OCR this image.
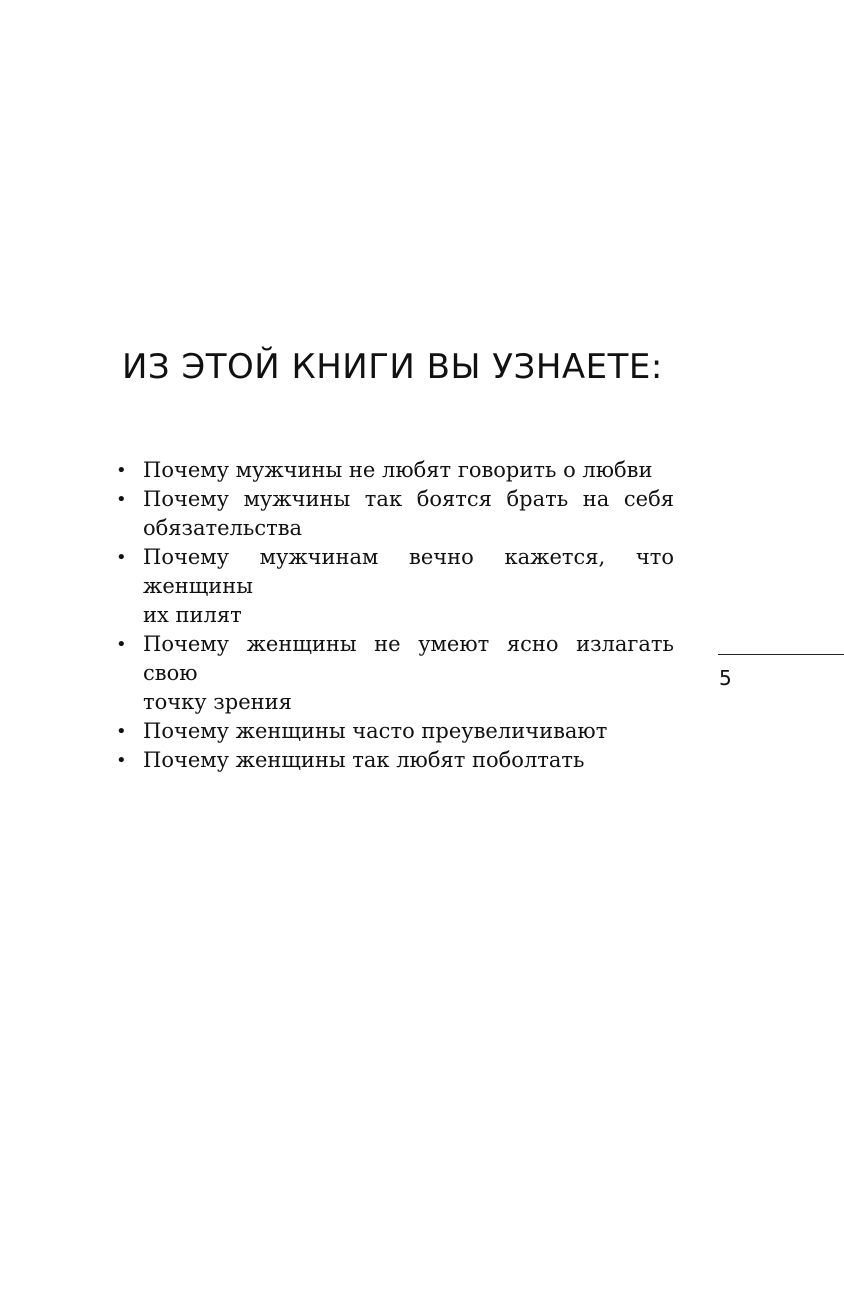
ИЗ ЭТОЙ КНИГИ ВЫ УЗНАЕТЕ:
• Почему мужчины не любят говорить о любви
• Почему мужчины так боятся брать на себя
обязательства
• Почему мужчинам вечно кажется, что женщины
их пилят
• Почему женщины не умеют ясно излагать свою
точку зрения
• Почему женщины часто преувеличивают
• Почему женщины так любят поболтать
5
